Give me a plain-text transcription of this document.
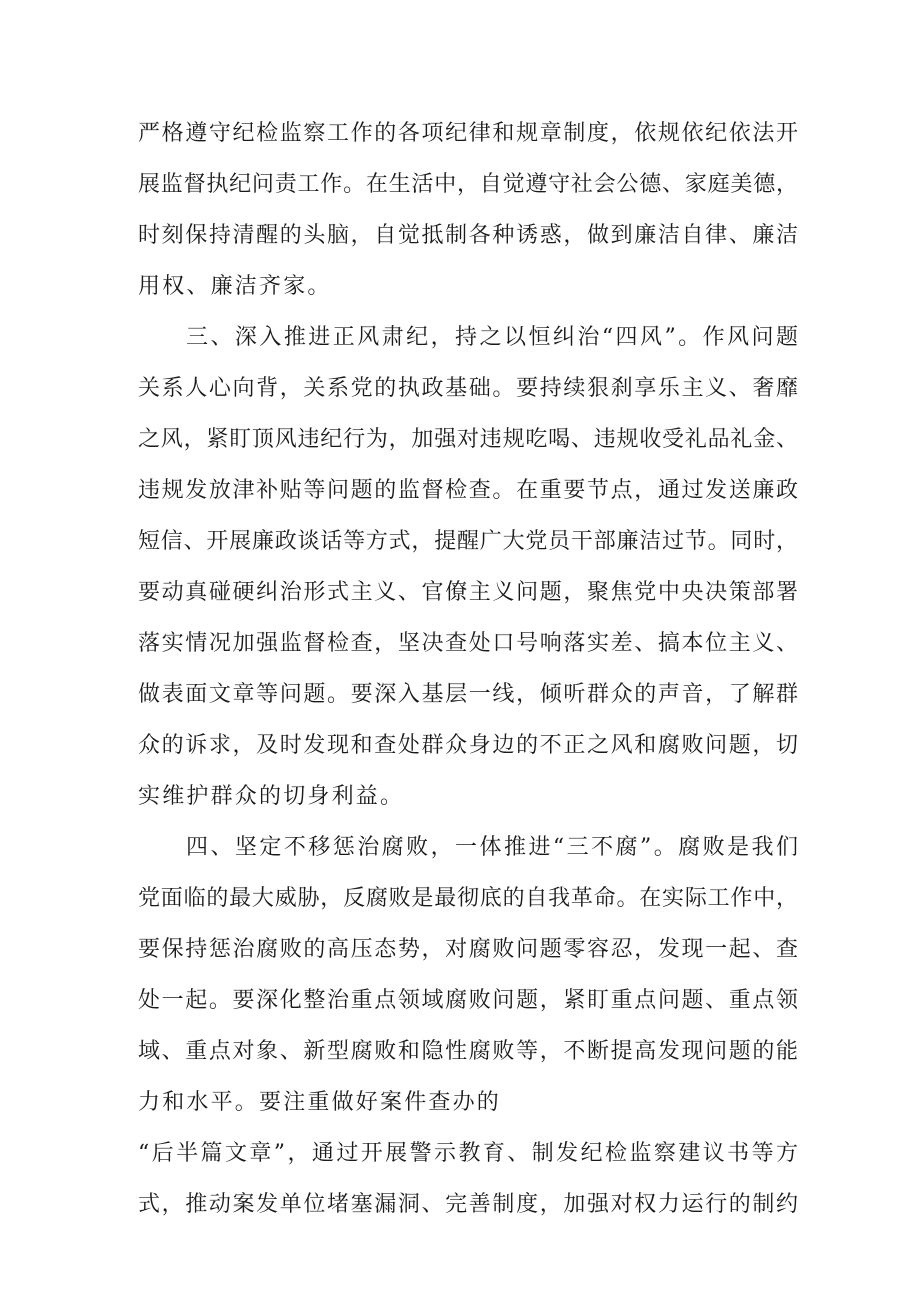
严格遵守纪检监察工作的各项纪律和规章制度，依规依纪依法开
展监督执纪问责工作。在生活中，自觉遵守社会公德、家庭美德，
时刻保持清醒的头脑，自觉抵制各种诱惑，做到廉洁自律、廉洁
用权、廉洁齐家。
三、深入推进正风肃纪，持之以恒纠治“四风”。作风问题
关系人心向背，关系党的执政基础。要持续狠刹享乐主义、奢靡
之风，紧盯顶风违纪行为，加强对违规吃喝、违规收受礼品礼金、
违规发放津补贴等问题的监督检查。在重要节点，通过发送廉政
短信、开展廉政谈话等方式，提醒广大党员干部廉洁过节。同时，
要动真碰硬纠治形式主义、官僚主义问题，聚焦党中央决策部署
落实情况加强监督检查，坚决查处口号响落实差、搞本位主义、
做表面文章等问题。要深入基层一线，倾听群众的声音，了解群
众的诉求，及时发现和查处群众身边的不正之风和腐败问题，切
实维护群众的切身利益。
四、坚定不移惩治腐败，一体推进“三不腐”。腐败是我们
党面临的最大威胁，反腐败是最彻底的自我革命。在实际工作中，
要保持惩治腐败的高压态势，对腐败问题零容忍，发现一起、查
处一起。要深化整治重点领域腐败问题，紧盯重点问题、重点领
域、重点对象、新型腐败和隐性腐败等，不断提高发现问题的能
力和水平。要注重做好案件查办的
“后半篇文章”，通过开展警示教育、制发纪检监察建议书等方
式，推动案发单位堵塞漏洞、完善制度，加强对权力运行的制约
